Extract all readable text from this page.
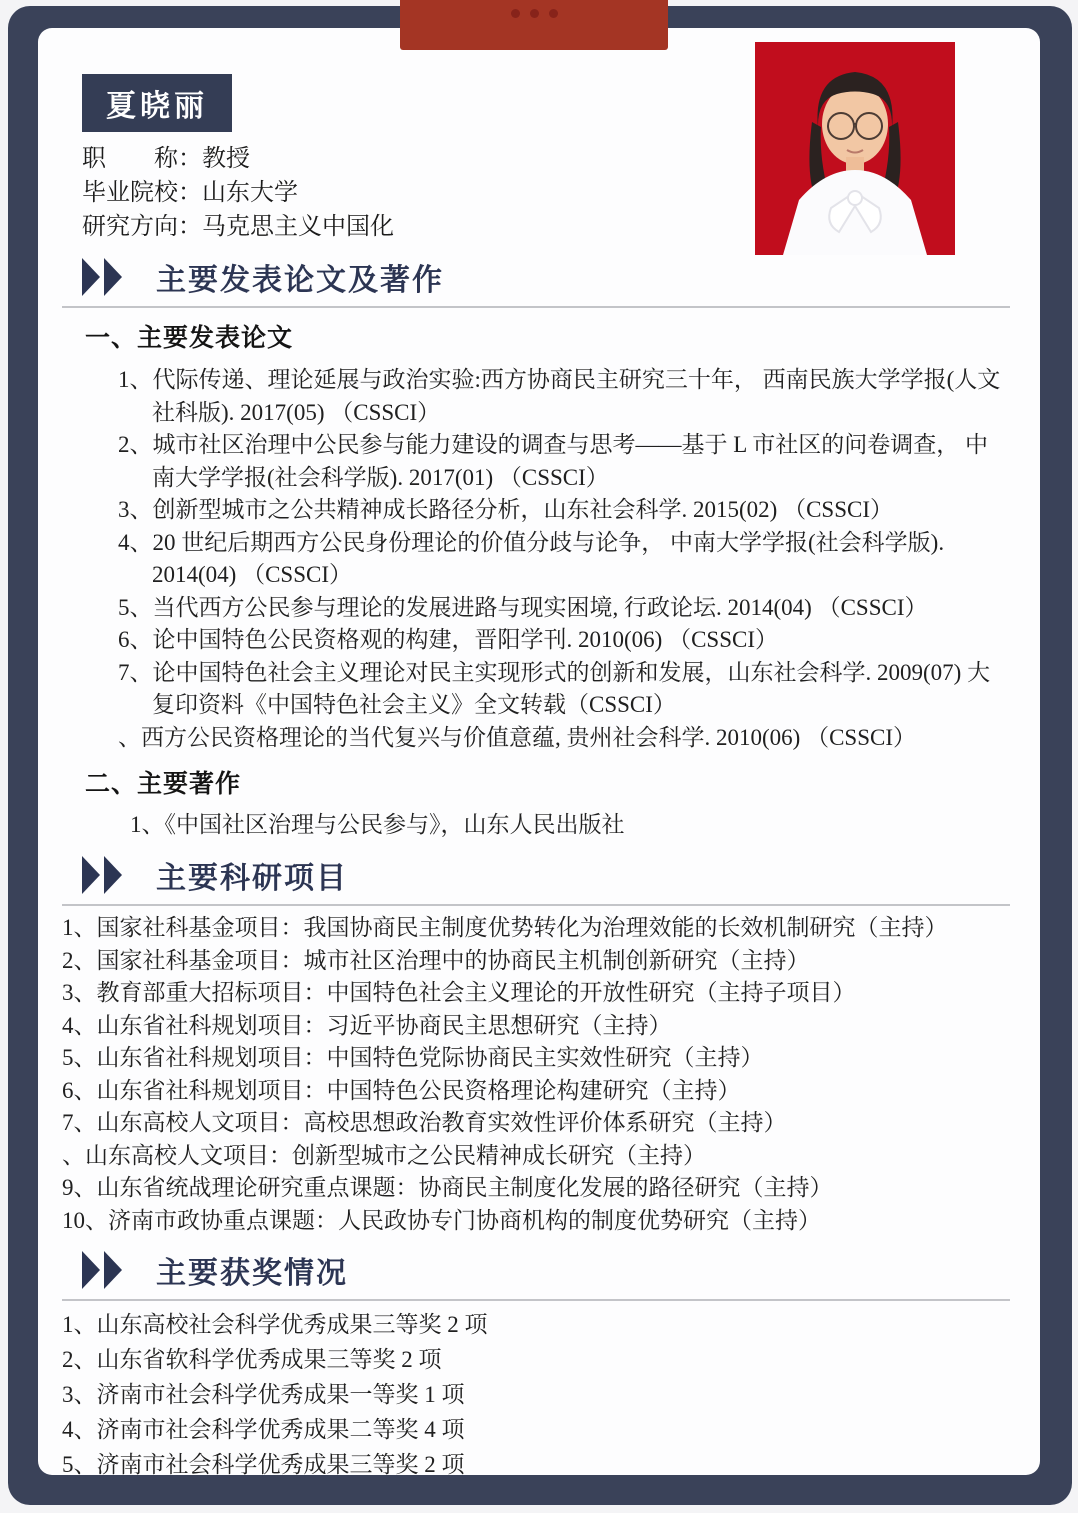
夏晓丽
职　　称：教授
毕业院校：山东大学
研究方向：马克思主义中国化
主要发表论文及著作
一、主要发表论文
1、代际传递、理论延展与政治实验:西方协商民主研究三十年， 西南民族大学学报(人文社科版). 2017(05) （CSSCI）
2、城市社区治理中公民参与能力建设的调查与思考——基于 L 市社区的问卷调查， 中南大学学报(社会科学版). 2017(01) （CSSCI）
3、创新型城市之公共精神成长路径分析，山东社会科学. 2015(02) （CSSCI）
4、20 世纪后期西方公民身份理论的价值分歧与论争， 中南大学学报(社会科学版). 2014(04) （CSSCI）
5、当代西方公民参与理论的发展进路与现实困境, 行政论坛. 2014(04) （CSSCI）
6、论中国特色公民资格观的构建，晋阳学刊. 2010(06) （CSSCI）
7、论中国特色社会主义理论对民主实现形式的创新和发展，山东社会科学. 2009(07) 大复印资料《中国特色社会主义》全文转载（CSSCI）
、西方公民资格理论的当代复兴与价值意蕴, 贵州社会科学. 2010(06) （CSSCI）
二、主要著作
1、《中国社区治理与公民参与》，山东人民出版社
主要科研项目
1、国家社科基金项目：我国协商民主制度优势转化为治理效能的长效机制研究（主持）
2、国家社科基金项目：城市社区治理中的协商民主机制创新研究（主持）
3、教育部重大招标项目：中国特色社会主义理论的开放性研究（主持子项目）
4、山东省社科规划项目：习近平协商民主思想研究（主持）
5、山东省社科规划项目：中国特色党际协商民主实效性研究（主持）
6、山东省社科规划项目：中国特色公民资格理论构建研究（主持）
7、山东高校人文项目：高校思想政治教育实效性评价体系研究（主持）
、山东高校人文项目：创新型城市之公民精神成长研究（主持）
9、山东省统战理论研究重点课题：协商民主制度化发展的路径研究（主持）
10、济南市政协重点课题：人民政协专门协商机构的制度优势研究（主持）
主要获奖情况
1、山东高校社会科学优秀成果三等奖 2 项
2、山东省软科学优秀成果三等奖 2 项
3、济南市社会科学优秀成果一等奖 1 项
4、济南市社会科学优秀成果二等奖 4 项
5、济南市社会科学优秀成果三等奖 2 项
